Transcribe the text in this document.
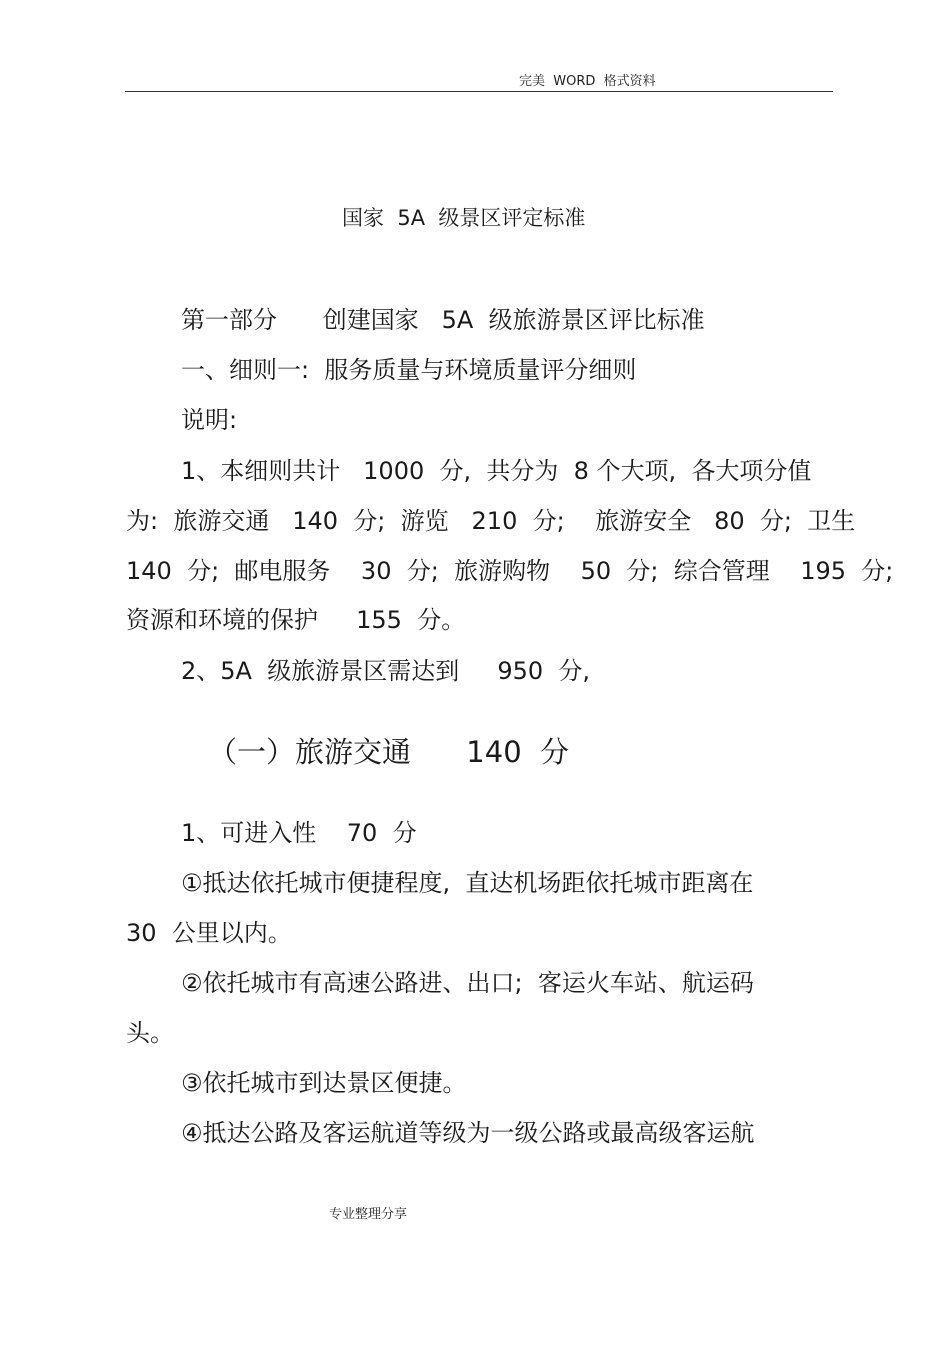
完美  WORD  格式资料
国家  5A  级景区评定标准
第一部分      创建国家   5A  级旅游景区评比标准
一、细则一:  服务质量与环境质量评分细则
说明:
1、本细则共计   1000  分,  共分为  8 个大项,  各大项分值
为:  旅游交通   140  分;  游览   210  分;    旅游安全   80  分;  卫生
140  分;  邮电服务    30  分;  旅游购物    50  分;  综合管理    195  分;
资源和环境的保护     155  分。
2、5A  级旅游景区需达到     950  分,
（一）旅游交通      140  分
1、可进入性    70  分
①抵达依托城市便捷程度,  直达机场距依托城市距离在
30  公里以内。
②依托城市有高速公路进、出口;  客运火车站、航运码
头。
③依托城市到达景区便捷。
④抵达公路及客运航道等级为一级公路或最高级客运航
专业整理分享
